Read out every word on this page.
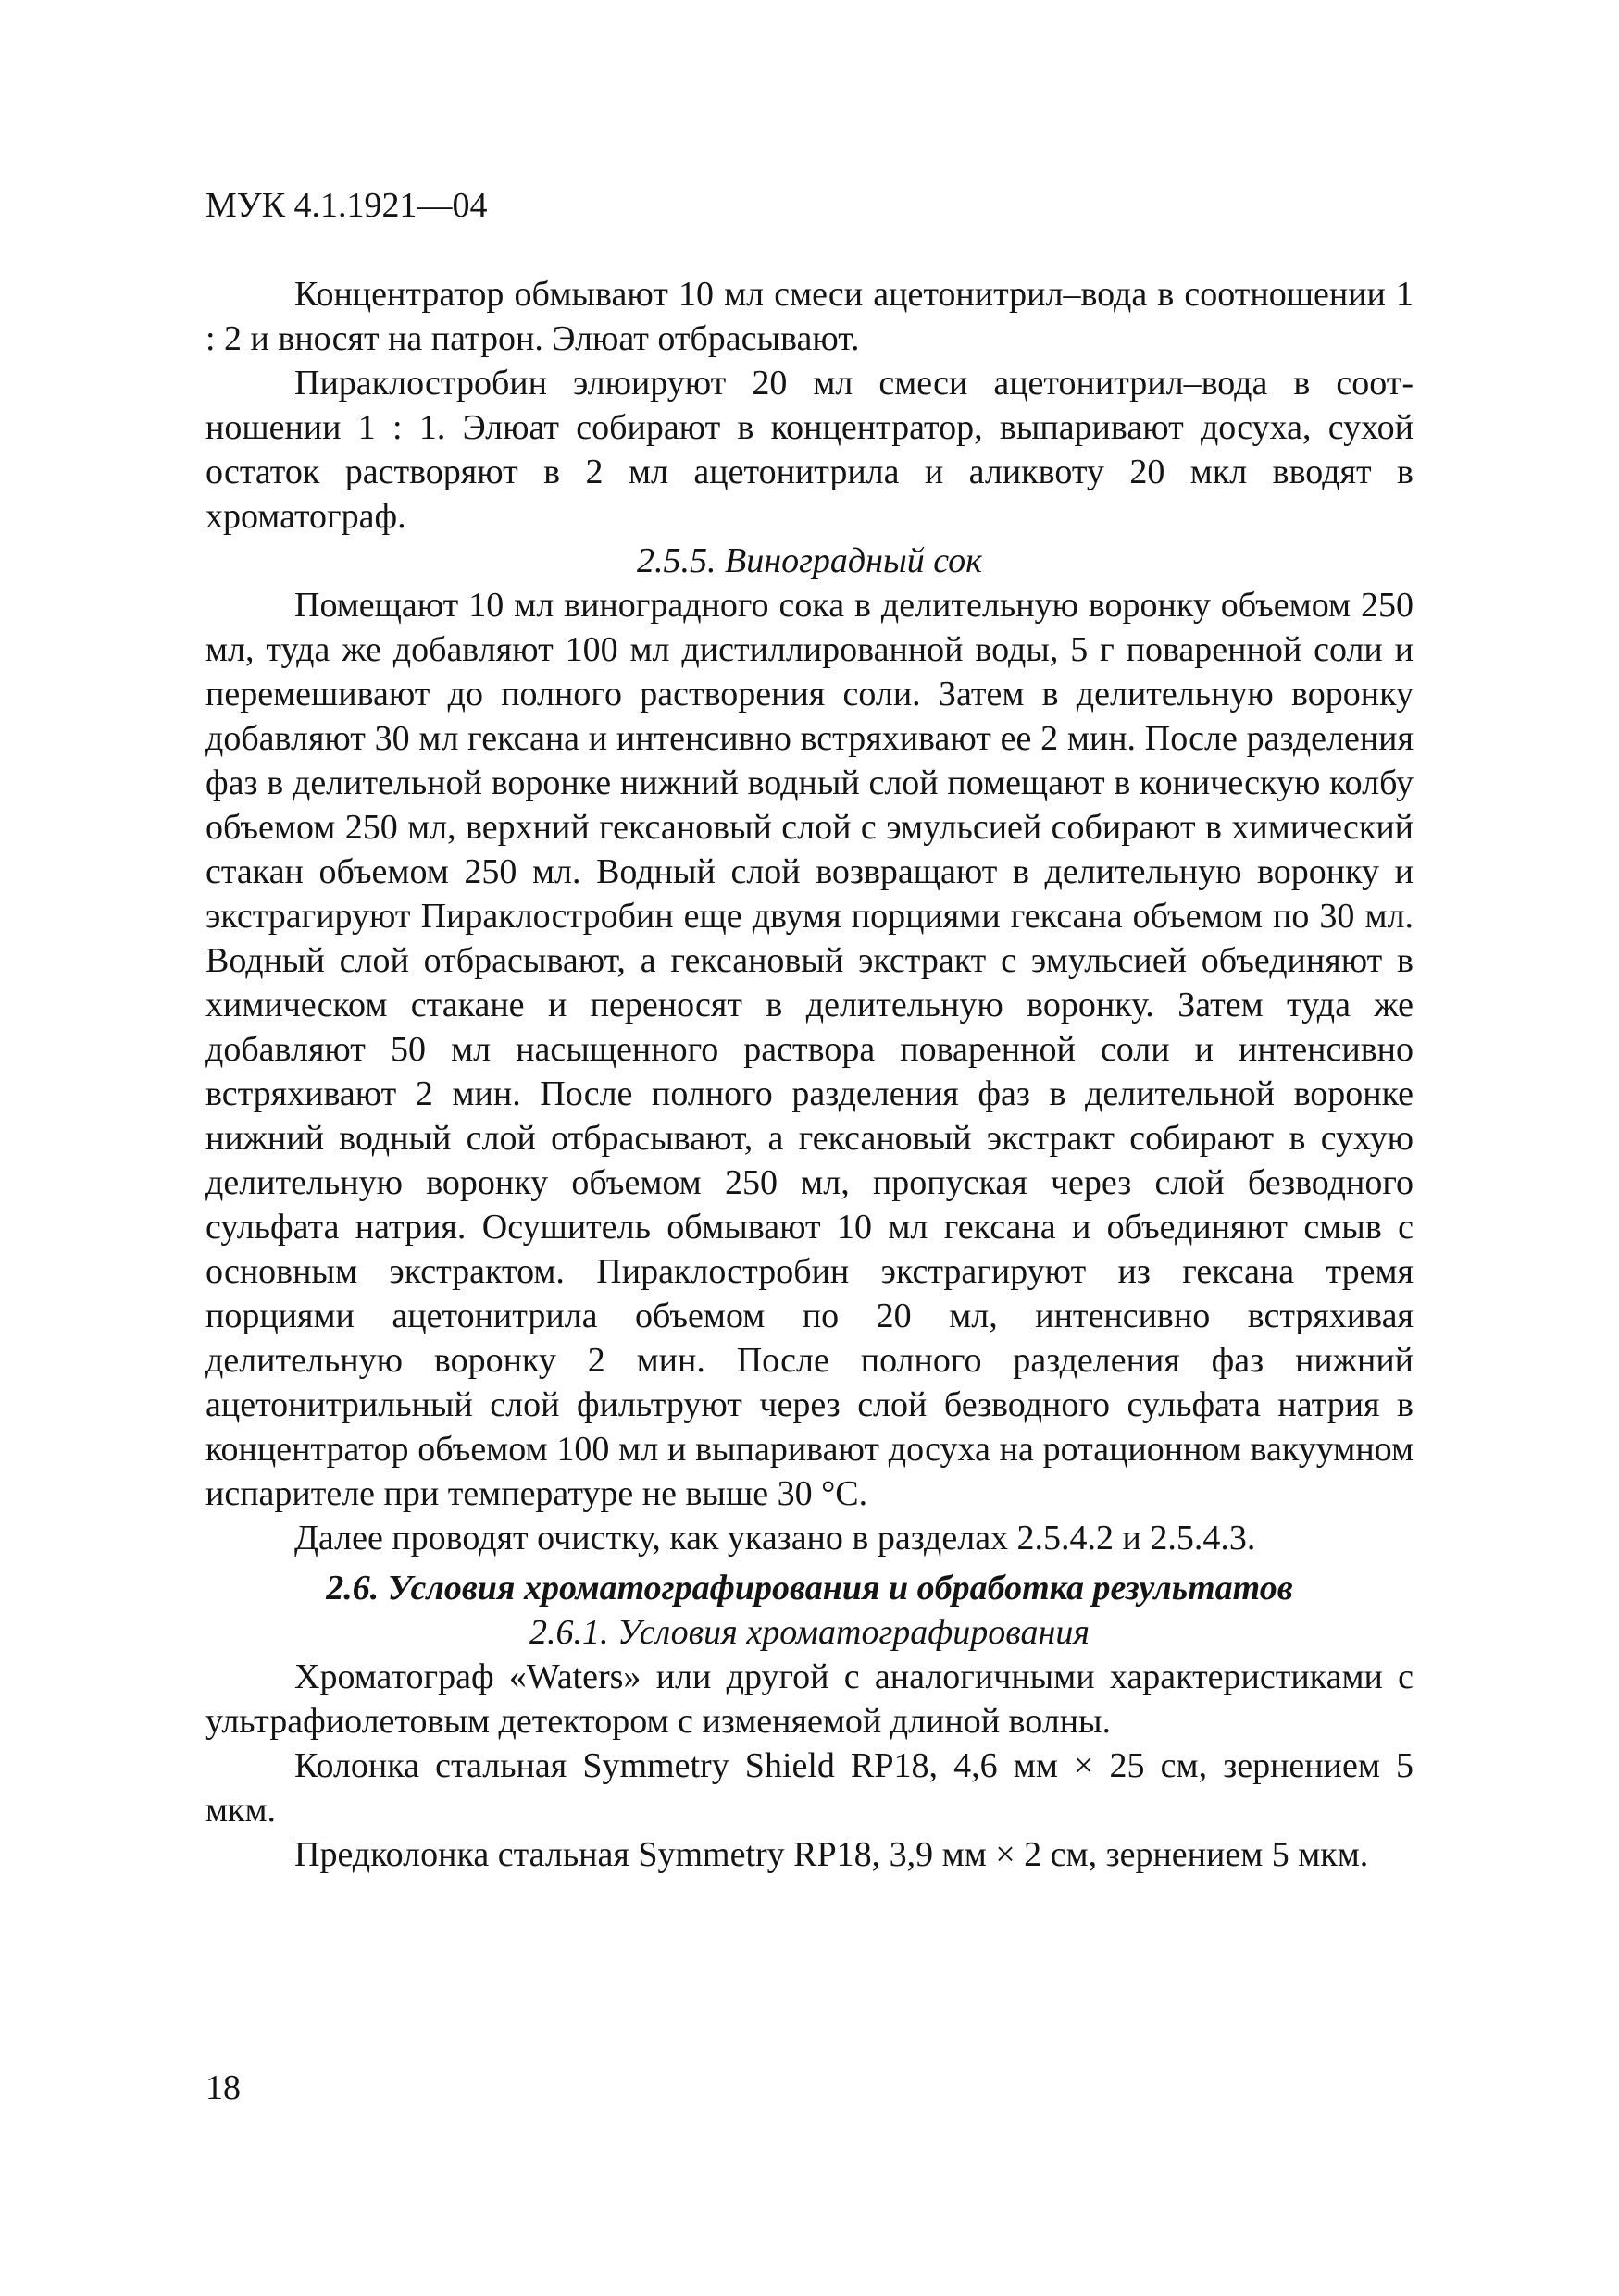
МУК 4.1.1921—04

Концентратор обмывают 10 мл смеси ацетонитрил–вода в соотношении 1 : 2 и вносят на патрон. Элюат отбрасывают.

Пираклостробин элюируют 20 мл смеси ацетонитрил–вода в соотношении 1 : 1. Элюат собирают в концентратор, выпаривают досуха, сухой остаток растворяют в 2 мл ацетонитрила и аликвоту 20 мкл вводят в хроматограф.

2.5.5. Виноградный сок

Помещают 10 мл виноградного сока в делительную воронку объемом 250 мл, туда же добавляют 100 мл дистиллированной воды, 5 г поваренной соли и перемешивают до полного растворения соли. Затем в делительную воронку добавляют 30 мл гексана и интенсивно встряхивают ее 2 мин. После разделения фаз в делительной воронке нижний водный слой помещают в коническую колбу объемом 250 мл, верхний гексановый слой с эмульсией собирают в химический стакан объемом 250 мл. Водный слой возвращают в делительную воронку и экстрагируют Пираклостробин еще двумя порциями гексана объемом по 30 мл. Водный слой отбрасывают, а гексановый экстракт с эмульсией объединяют в химическом стакане и переносят в делительную воронку. Затем туда же добавляют 50 мл насыщенного раствора поваренной соли и интенсивно встряхивают 2 мин. После полного разделения фаз в делительной воронке нижний водный слой отбрасывают, а гексановый экстракт собирают в сухую делительную воронку объемом 250 мл, пропуская через слой безводного сульфата натрия. Осушитель обмывают 10 мл гексана и объединяют смыв с основным экстрактом. Пираклостробин экстрагируют из гексана тремя порциями ацетонитрила объемом по 20 мл, интенсивно встряхивая делительную воронку 2 мин. После полного разделения фаз нижний ацетонитрильный слой фильтруют через слой безводного сульфата натрия в концентратор объемом 100 мл и выпаривают досуха на ротационном вакуумном испарителе при температуре не выше 30 °С.

Далее проводят очистку, как указано в разделах 2.5.4.2 и 2.5.4.3.

2.6. Условия хроматографирования и обработка результатов
2.6.1. Условия хроматографирования

Хроматограф «Waters» или другой с аналогичными характеристиками с ультрафиолетовым детектором с изменяемой длиной волны.

Колонка стальная Symmetry Shield RP18, 4,6 мм × 25 см, зернением 5 мкм.

Предколонка стальная Symmetry RP18, 3,9 мм × 2 см, зернением 5 мкм.

18
